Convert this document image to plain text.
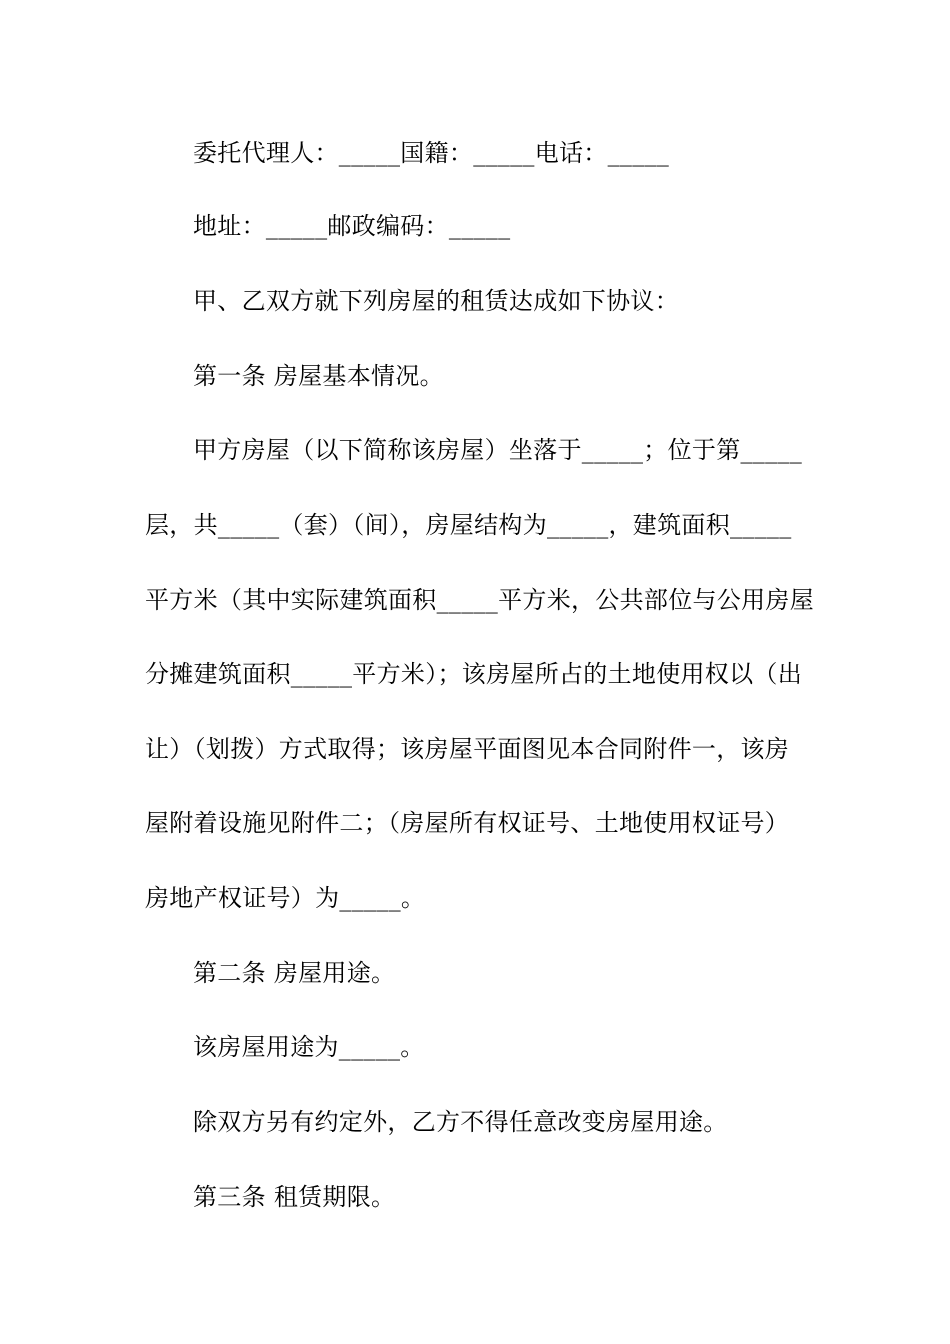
委托代理人：_____国籍：_____电话：_____
地址：_____邮政编码：_____
甲、乙双方就下列房屋的租赁达成如下协议：
第一条 房屋基本情况。
甲方房屋（以下简称该房屋）坐落于_____；位于第_____
层，共_____（套）（间），房屋结构为_____，建筑面积_____
平方米（其中实际建筑面积_____平方米，公共部位与公用房屋
分摊建筑面积_____平方米）；该房屋所占的土地使用权以（出
让）（划拨）方式取得；该房屋平面图见本合同附件一，该房
屋附着设施见附件二；（房屋所有权证号、土地使用权证号）
房地产权证号）为_____。
第二条 房屋用途。
该房屋用途为_____。
除双方另有约定外，乙方不得任意改变房屋用途。
第三条 租赁期限。
